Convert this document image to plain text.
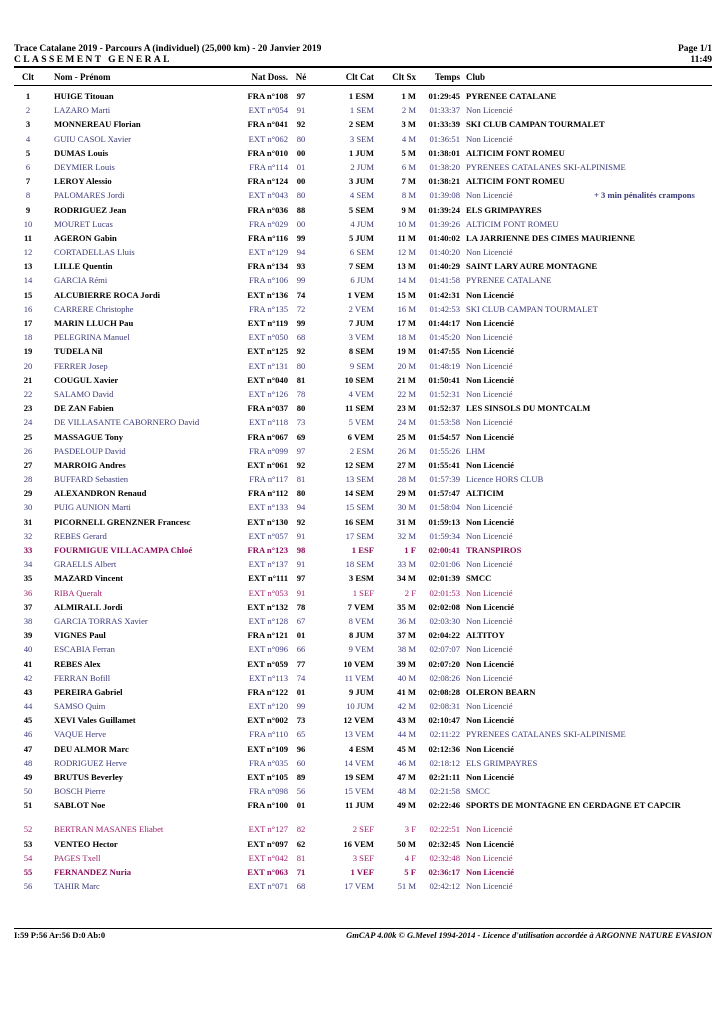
Trace Catalane 2019 - Parcours A (individuel) (25,000 km) - 20 Janvier 2019	Page 1/1
CLASSEMENT GENERAL	11:49
Clt	Nom - Prénom	Nat Doss. Né	Clt Cat	Clt Sx	Temps Club
1	HUIGE Titouan	FRA n°108	97	1 ESM	1 M	01:29:45 PYRENEE CATALANE
2	LAZARO Marti	EXT n°054	91	1 SEM	2 M	01:33:37 Non Licencié
3	MONNEREAU Florian	FRA n°041	92	2 SEM	3 M	01:33:39 SKI CLUB CAMPAN TOURMALET
4	GUIU CASOL Xavier	EXT n°062	80	3 SEM	4 M	01:36:51 Non Licencié
5	DUMAS Louis	FRA n°010	00	1 JUM	5 M	01:38:01 ALTICIM FONT ROMEU
6	DEYMIER Louis	FRA n°114	01	2 JUM	6 M	01:38:20 PYRENEES CATALANES SKI-ALPINISME
7	LEROY Alessio	FRA n°124	00	3 JUM	7 M	01:38:21 ALTICIM FONT ROMEU
8	PALOMARES Jordi	EXT n°043	80	4 SEM	8 M	01:39:08 Non Licencié	+ 3 min pénalités crampons
9	RODRIGUEZ Jean	FRA n°036	88	5 SEM	9 M	01:39:24 ELS GRIMPAYRES
10	MOURET Lucas	FRA n°029	00	4 JUM	10 M	01:39:26 ALTICIM FONT ROMEU
11	AGERON Gabin	FRA n°116	99	5 JUM	11 M	01:40:02 LA JARRIENNE DES CIMES MAURIENNE
12	CORTADELLAS Lluis	EXT n°129	94	6 SEM	12 M	01:40:20 Non Licencié
13	LILLE Quentin	FRA n°134	93	7 SEM	13 M	01:40:29 SAINT LARY AURE MONTAGNE
14	GARCIA Rémi	FRA n°106	99	6 JUM	14 M	01:41:58 PYRENEE CATALANE
15	ALCUBIERRE ROCA Jordi	EXT n°136	74	1 VEM	15 M	01:42:31 Non Licencié
16	CARRERE Christophe	FRA n°135	72	2 VEM	16 M	01:42:53 SKI CLUB CAMPAN TOURMALET
17	MARIN LLUCH Pau	EXT n°119	99	7 JUM	17 M	01:44:17 Non Licencié
18	PELEGRINA Manuel	EXT n°050	68	3 VEM	18 M	01:45:20 Non Licencié
19	TUDELA Nil	EXT n°125	92	8 SEM	19 M	01:47:55 Non Licencié
20	FERRER Josep	EXT n°131	80	9 SEM	20 M	01:48:19 Non Licencié
21	COUGUL Xavier	EXT n°040	81	10 SEM	21 M	01:50:41 Non Licencié
22	SALAMO David	EXT n°126	78	4 VEM	22 M	01:52:31 Non Licencié
23	DE ZAN Fabien	FRA n°037	80	11 SEM	23 M	01:52:37 LES SINSOLS DU MONTCALM
24	DE VILLASANTE CABORNERO David	EXT n°118	73	5 VEM	24 M	01:53:58 Non Licencié
25	MASSAGUE Tony	FRA n°067	69	6 VEM	25 M	01:54:57 Non Licencié
26	PASDELOUP David	FRA n°099	97	2 ESM	26 M	01:55:26 LHM
27	MARROIG Andres	EXT n°061	92	12 SEM	27 M	01:55:41 Non Licencié
28	BUFFARD Sebastien	FRA n°117	81	13 SEM	28 M	01:57:39 Licence HORS CLUB
29	ALEXANDRON Renaud	FRA n°112	80	14 SEM	29 M	01:57:47 ALTICIM
30	PUIG AUNION Marti	EXT n°133	94	15 SEM	30 M	01:58:04 Non Licencié
31	PICORNELL GRENZNER Francesc	EXT n°130	92	16 SEM	31 M	01:59:13 Non Licencié
32	REBES Gerard	EXT n°057	91	17 SEM	32 M	01:59:34 Non Licencié
33	FOURMIGUE VILLACAMPA Chloé	FRA n°123	98	1 ESF	1 F	02:00:41 TRANSPIROS
34	GRAELLS Albert	EXT n°137	91	18 SEM	33 M	02:01:06 Non Licencié
35	MAZARD Vincent	EXT n°111	97	3 ESM	34 M	02:01:39 SMCC
36	RIBA Queralt	EXT n°053	91	1 SEF	2 F	02:01:53 Non Licencié
37	ALMIRALL Jordi	EXT n°132	78	7 VEM	35 M	02:02:08 Non Licencié
38	GARCIA TORRAS Xavier	EXT n°128	67	8 VEM	36 M	02:03:30 Non Licencié
39	VIGNES Paul	FRA n°121	01	8 JUM	37 M	02:04:22 ALTITOY
40	ESCABIA Ferran	EXT n°096	66	9 VEM	38 M	02:07:07 Non Licencié
41	REBES Alex	EXT n°059	77	10 VEM	39 M	02:07:20 Non Licencié
42	FERRAN Bofill	EXT n°113	74	11 VEM	40 M	02:08:26 Non Licencié
43	PEREIRA Gabriel	FRA n°122	01	9 JUM	41 M	02:08:28 OLERON BEARN
44	SAMSO Quim	EXT n°120	99	10 JUM	42 M	02:08:31 Non Licencié
45	XEVI Vales Guillamet	EXT n°002	73	12 VEM	43 M	02:10:47 Non Licencié
46	VAQUE Herve	FRA n°110	65	13 VEM	44 M	02:11:22 PYRENEES CATALANES SKI-ALPINISME
47	DEU ALMOR Marc	EXT n°109	96	4 ESM	45 M	02:12:36 Non Licencié
48	RODRIGUEZ Herve	FRA n°035	60	14 VEM	46 M	02:18:12 ELS GRIMPAYRES
49	BRUTUS Beverley	EXT n°105	89	19 SEM	47 M	02:21:11 Non Licencié
50	BOSCH Pierre	FRA n°098	56	15 VEM	48 M	02:21:58 SMCC
51	SABLOT Noe	FRA n°100	01	11 JUM	49 M	02:22:46 SPORTS DE MONTAGNE EN CERDAGNE ET CAPCIR
52	BERTRAN MASANES Eliabet	EXT n°127	82	2 SEF	3 F	02:22:51 Non Licencié
53	VENTEO Hector	EXT n°097	62	16 VEM	50 M	02:32:45 Non Licencié
54	PAGES Txell	EXT n°042	81	3 SEF	4 F	02:32:48 Non Licencié
55	FERNANDEZ Nuria	EXT n°063	71	1 VEF	5 F	02:36:17 Non Licencié
56	TAHIR Marc	EXT n°071	68	17 VEM	51 M	02:42:12 Non Licencié
I:59 P:56 Ar:56 D:0 Ab:0	GmCAP 4.00k © G.Mevel 1994-2014 - Licence d'utilisation accordée à ARGONNE NATURE EVASION
